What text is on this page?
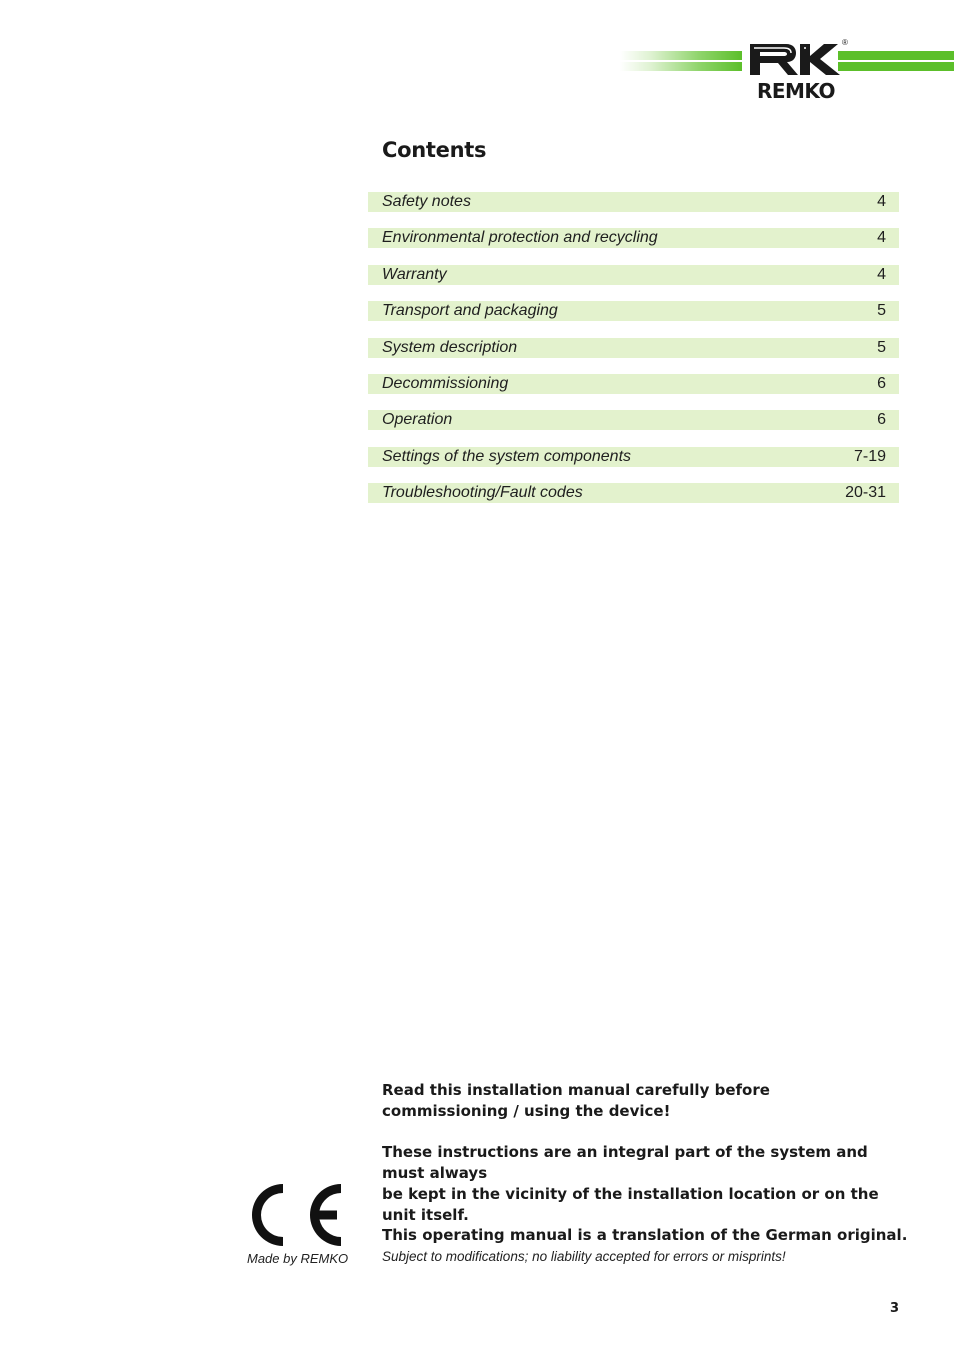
®
REMKO
Contents
Safety notes	4
Environmental protection and recycling	4
Warranty	4
Transport and packaging	5
System description	5
Decommissioning	6
Operation	6
Settings of the system components	7-19
Troubleshooting/Fault codes	20-31

Read this installation manual carefully before

commissioning / using the device!

These instructions are an integral part of the system and must always

be kept in the vicinity of the installation location or on the

unit itself.

This operating manual is a translation of the German original.

Subject to modifications; no liability accepted for errors or misprints!

Made by REMKO
3
